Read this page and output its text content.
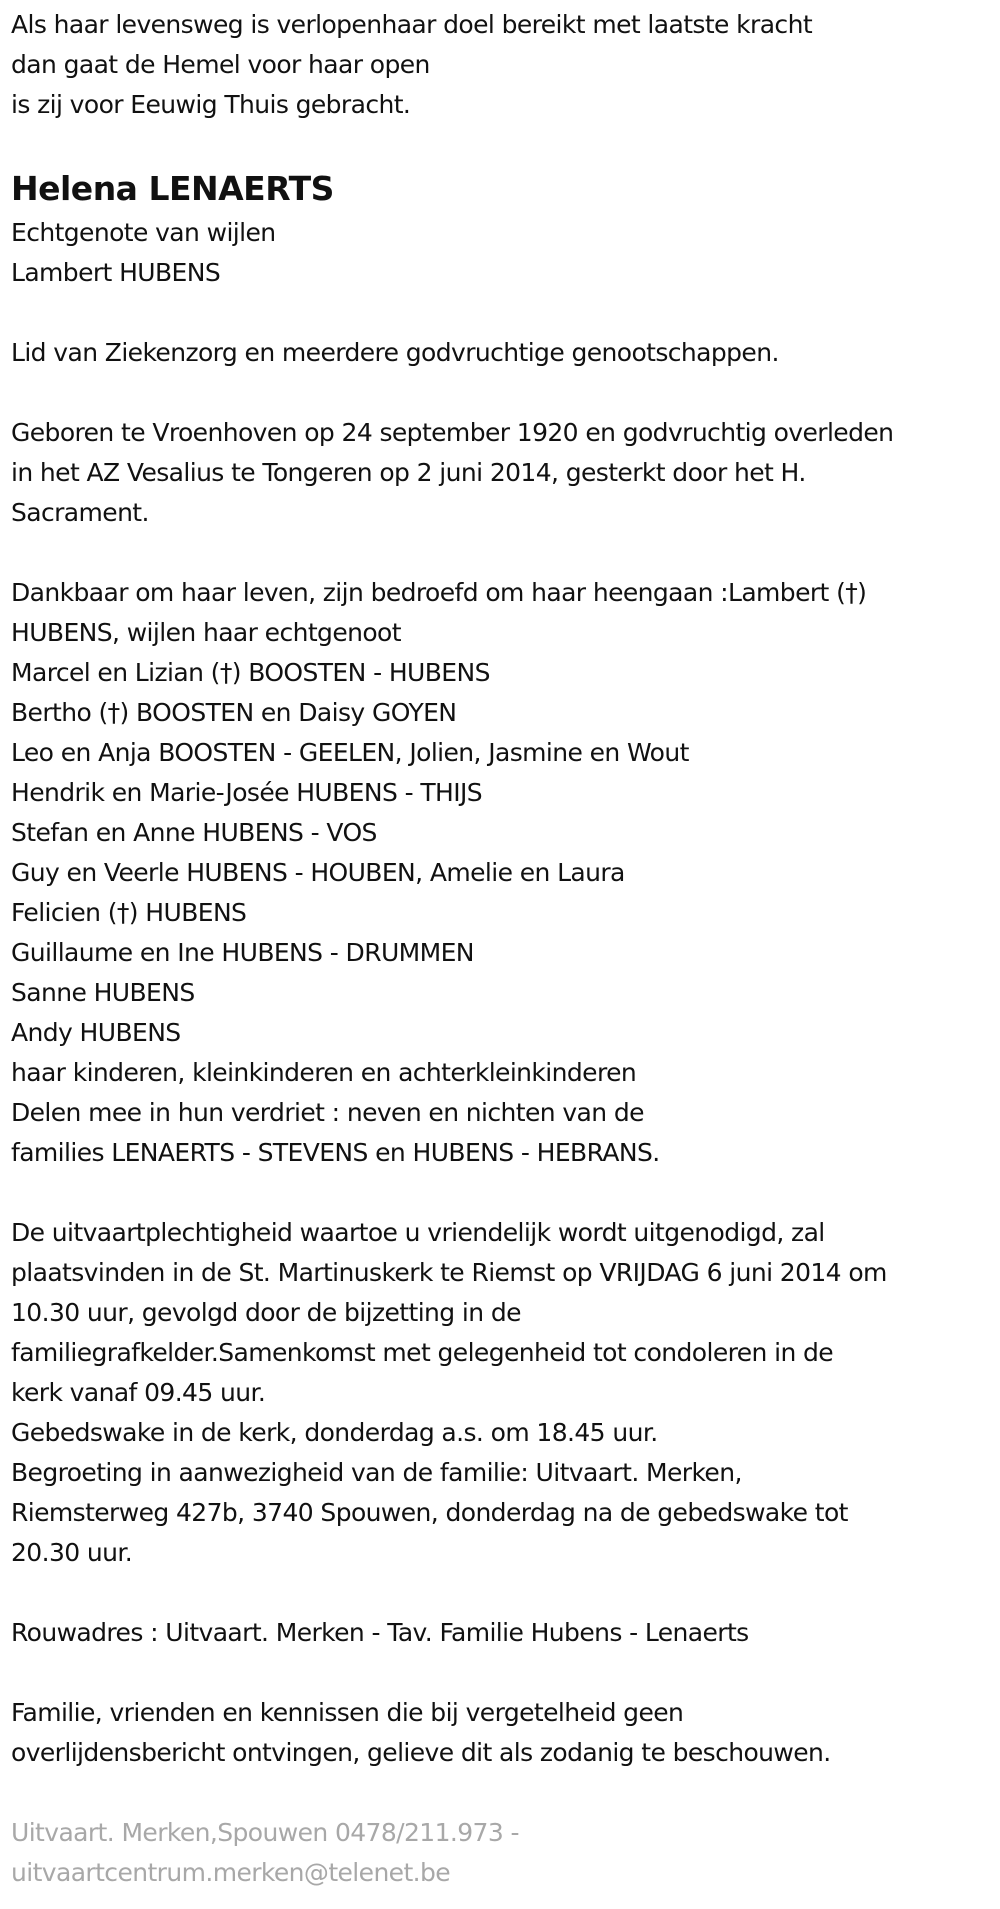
Als haar levensweg is verlopenhaar doel bereikt met laatste kracht
dan gaat de Hemel voor haar open
is zij voor Eeuwig Thuis gebracht.
Helena LENAERTS
Echtgenote van wijlen
Lambert HUBENS
Lid van Ziekenzorg en meerdere godvruchtige genootschappen.
Geboren te Vroenhoven op 24 september 1920 en godvruchtig overleden
in het AZ Vesalius te Tongeren op 2 juni 2014, gesterkt door het H.
Sacrament.
Dankbaar om haar leven, zijn bedroefd om haar heengaan :Lambert (†)
HUBENS, wijlen haar echtgenoot
Marcel en Lizian (†) BOOSTEN - HUBENS
Bertho (†) BOOSTEN en Daisy GOYEN
Leo en Anja BOOSTEN - GEELEN, Jolien, Jasmine en Wout
Hendrik en Marie-Josée HUBENS - THIJS
Stefan en Anne HUBENS - VOS
Guy en Veerle HUBENS - HOUBEN, Amelie en Laura
Felicien (†) HUBENS
Guillaume en Ine HUBENS - DRUMMEN
Sanne HUBENS
Andy HUBENS
haar kinderen, kleinkinderen en achterkleinkinderen
Delen mee in hun verdriet : neven en nichten van de
families LENAERTS - STEVENS en HUBENS - HEBRANS.
De uitvaartplechtigheid waartoe u vriendelijk wordt uitgenodigd, zal
plaatsvinden in de St. Martinuskerk te Riemst op VRIJDAG 6 juni 2014 om
10.30 uur, gevolgd door de bijzetting in de
familiegrafkelder.Samenkomst met gelegenheid tot condoleren in de
kerk vanaf 09.45 uur.
Gebedswake in de kerk, donderdag a.s. om 18.45 uur.
Begroeting in aanwezigheid van de familie: Uitvaart. Merken,
Riemsterweg 427b, 3740 Spouwen, donderdag na de gebedswake tot
20.30 uur.
Rouwadres : Uitvaart. Merken - Tav. Familie Hubens - Lenaerts
Familie, vrienden en kennissen die bij vergetelheid geen
overlijdensbericht ontvingen, gelieve dit als zodanig te beschouwen.
Uitvaart. Merken,Spouwen 0478/211.973 -
uitvaartcentrum.merken@telenet.be
